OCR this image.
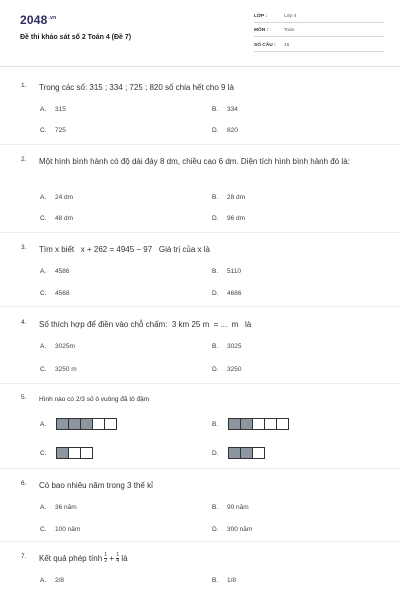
$2048^{.vn}$
Đề thi khảo sát số 2 Toán 4 (Đề 7)
LỚP :	Lớp 4
MÔN :	Toán
SỐ CÂU : 16
1. Trong các số: 315 ; 334 ; 725 ; 820 số chia hết cho 9 là
A. 315	B. 334
C. 725	D. 820
2. Một hình bình hành có độ dài đáy 8 dm, chiều cao 6 dm. Diện tích hình bình hành đó là:
A. 24 dm	B. 28 dm
C. 48 dm	D. 96 dm
3. Tìm x biết   x + 262 = 4945 − 97   Giá trị của x là
A. 4586	B. 5110
C. 4568	D. 4686
4. Số thích hợp để điền vào chỗ chấm:  3 km 25 m  = ...  m   là
A. 3025m	B. 3025
C. 3250 m	D. 3250
5. Hình nào có 2/3 số ô vuông đã tô đậm
A.	B.
C.	D.
6. Có bao nhiêu năm trong 3 thế kỉ
A. 36 năm	B. 90 năm
C. 100 năm	D. 300 năm
7. Kết quả phép tính $\frac{1}{2} + \frac{1}{4}$ là
A. 2/8	B. 1/8
